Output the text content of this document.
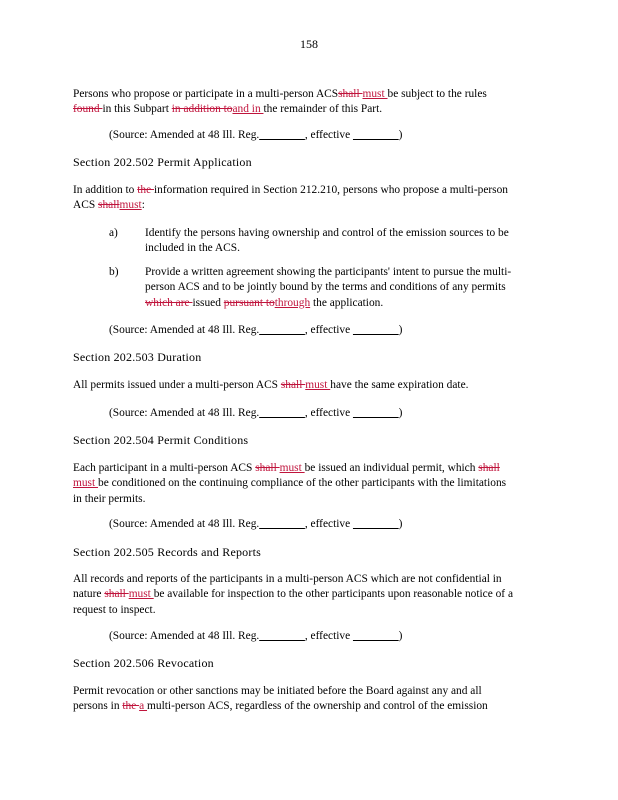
158
Persons who propose or participate in a multi-person ACSshall must be subject to the rules
found in this Subpart in addition toand in the remainder of this Part.
(Source: Amended at 48 Ill. Reg.________, effective ________)
Section 202.502 Permit Application
In addition to the information required in Section 212.210, persons who propose a multi-person
ACS shallmust:
a) Identify the persons having ownership and control of the emission sources to be
included in the ACS.
b) Provide a written agreement showing the participants' intent to pursue the multi-
person ACS and to be jointly bound by the terms and conditions of any permits
which are issued pursuant tothrough the application.
(Source: Amended at 48 Ill. Reg.________, effective ________)
Section 202.503 Duration
All permits issued under a multi-person ACS shall must have the same expiration date.
(Source: Amended at 48 Ill. Reg.________, effective ________)
Section 202.504 Permit Conditions
Each participant in a multi-person ACS shall must be issued an individual permit, which shall
must be conditioned on the continuing compliance of the other participants with the limitations
in their permits.
(Source: Amended at 48 Ill. Reg.________, effective ________)
Section 202.505 Records and Reports
All records and reports of the participants in a multi-person ACS which are not confidential in
nature shall must be available for inspection to the other participants upon reasonable notice of a
request to inspect.
(Source: Amended at 48 Ill. Reg.________, effective ________)
Section 202.506 Revocation
Permit revocation or other sanctions may be initiated before the Board against any and all
persons in the a multi-person ACS, regardless of the ownership and control of the emission
